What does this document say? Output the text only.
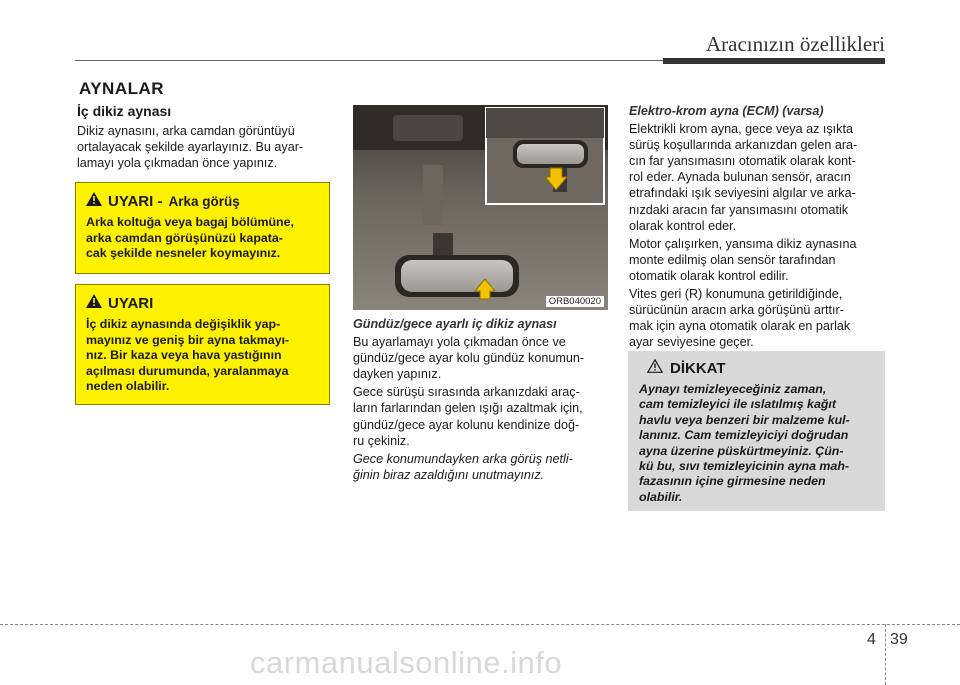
Aracınızın özellikleri
AYNALAR
İç dikiz aynası

Dikiz aynasını, arka camdan görüntüyü
ortalayacak şekilde ayarlayınız. Bu ayar-
lamayı yola çıkmadan önce yapınız.

UYARI - Arka görüş
Arka koltuğa veya bagaj bölümüne,
arka camdan görüşünüzü kapata-
cak şekilde nesneler koymayınız.
UYARI
İç dikiz aynasında değişiklik yap-
mayınız ve geniş bir ayna takmayı-
nız. Bir kaza veya hava yastığının
açılması durumunda, yaralanmaya
neden olabilir.
ORB040020
Gündüz/gece ayarlı iç dikiz aynası

Bu ayarlamayı yola çıkmadan önce ve
gündüz/gece ayar kolu gündüz konumun-
dayken yapınız.

Gece sürüşü sırasında arkanızdaki araç-
ların farlarından gelen ışığı azaltmak için,
gündüz/gece ayar kolunu kendinize doğ-
ru çekiniz.

Gece konumundayken arka görüş netli-
ğinin biraz azaldığını unutmayınız.

Elektro-krom ayna (ECM) (varsa)

Elektrikli krom ayna, gece veya az ışıkta
sürüş koşullarında arkanızdan gelen ara-
cın far yansımasını otomatik olarak kont-
rol eder. Aynada bulunan sensör, aracın
etrafındaki ışık seviyesini algılar ve arka-
nızdaki aracın far yansımasını otomatik
olarak kontrol eder.

Motor çalışırken, yansıma dikiz aynasına
monte edilmiş olan sensör tarafından
otomatik olarak kontrol edilir.

Vites geri (R) konumuna getirildiğinde,
sürücünün aracın arka görüşünü arttır-
mak için ayna otomatik olarak en parlak
ayar seviyesine geçer.

DİKKAT
Aynayı temizleyeceğiniz zaman,
cam temizleyici ile ıslatılmış kağıt
havlu veya benzeri bir malzeme kul-
lanınız. Cam temizleyiciyi doğrudan
ayna üzerine püskürtmeyiniz. Çün-
kü bu, sıvı temizleyicinin ayna mah-
fazasının içine girmesine neden
olabilir.
4 39
carmanualsonline.info
